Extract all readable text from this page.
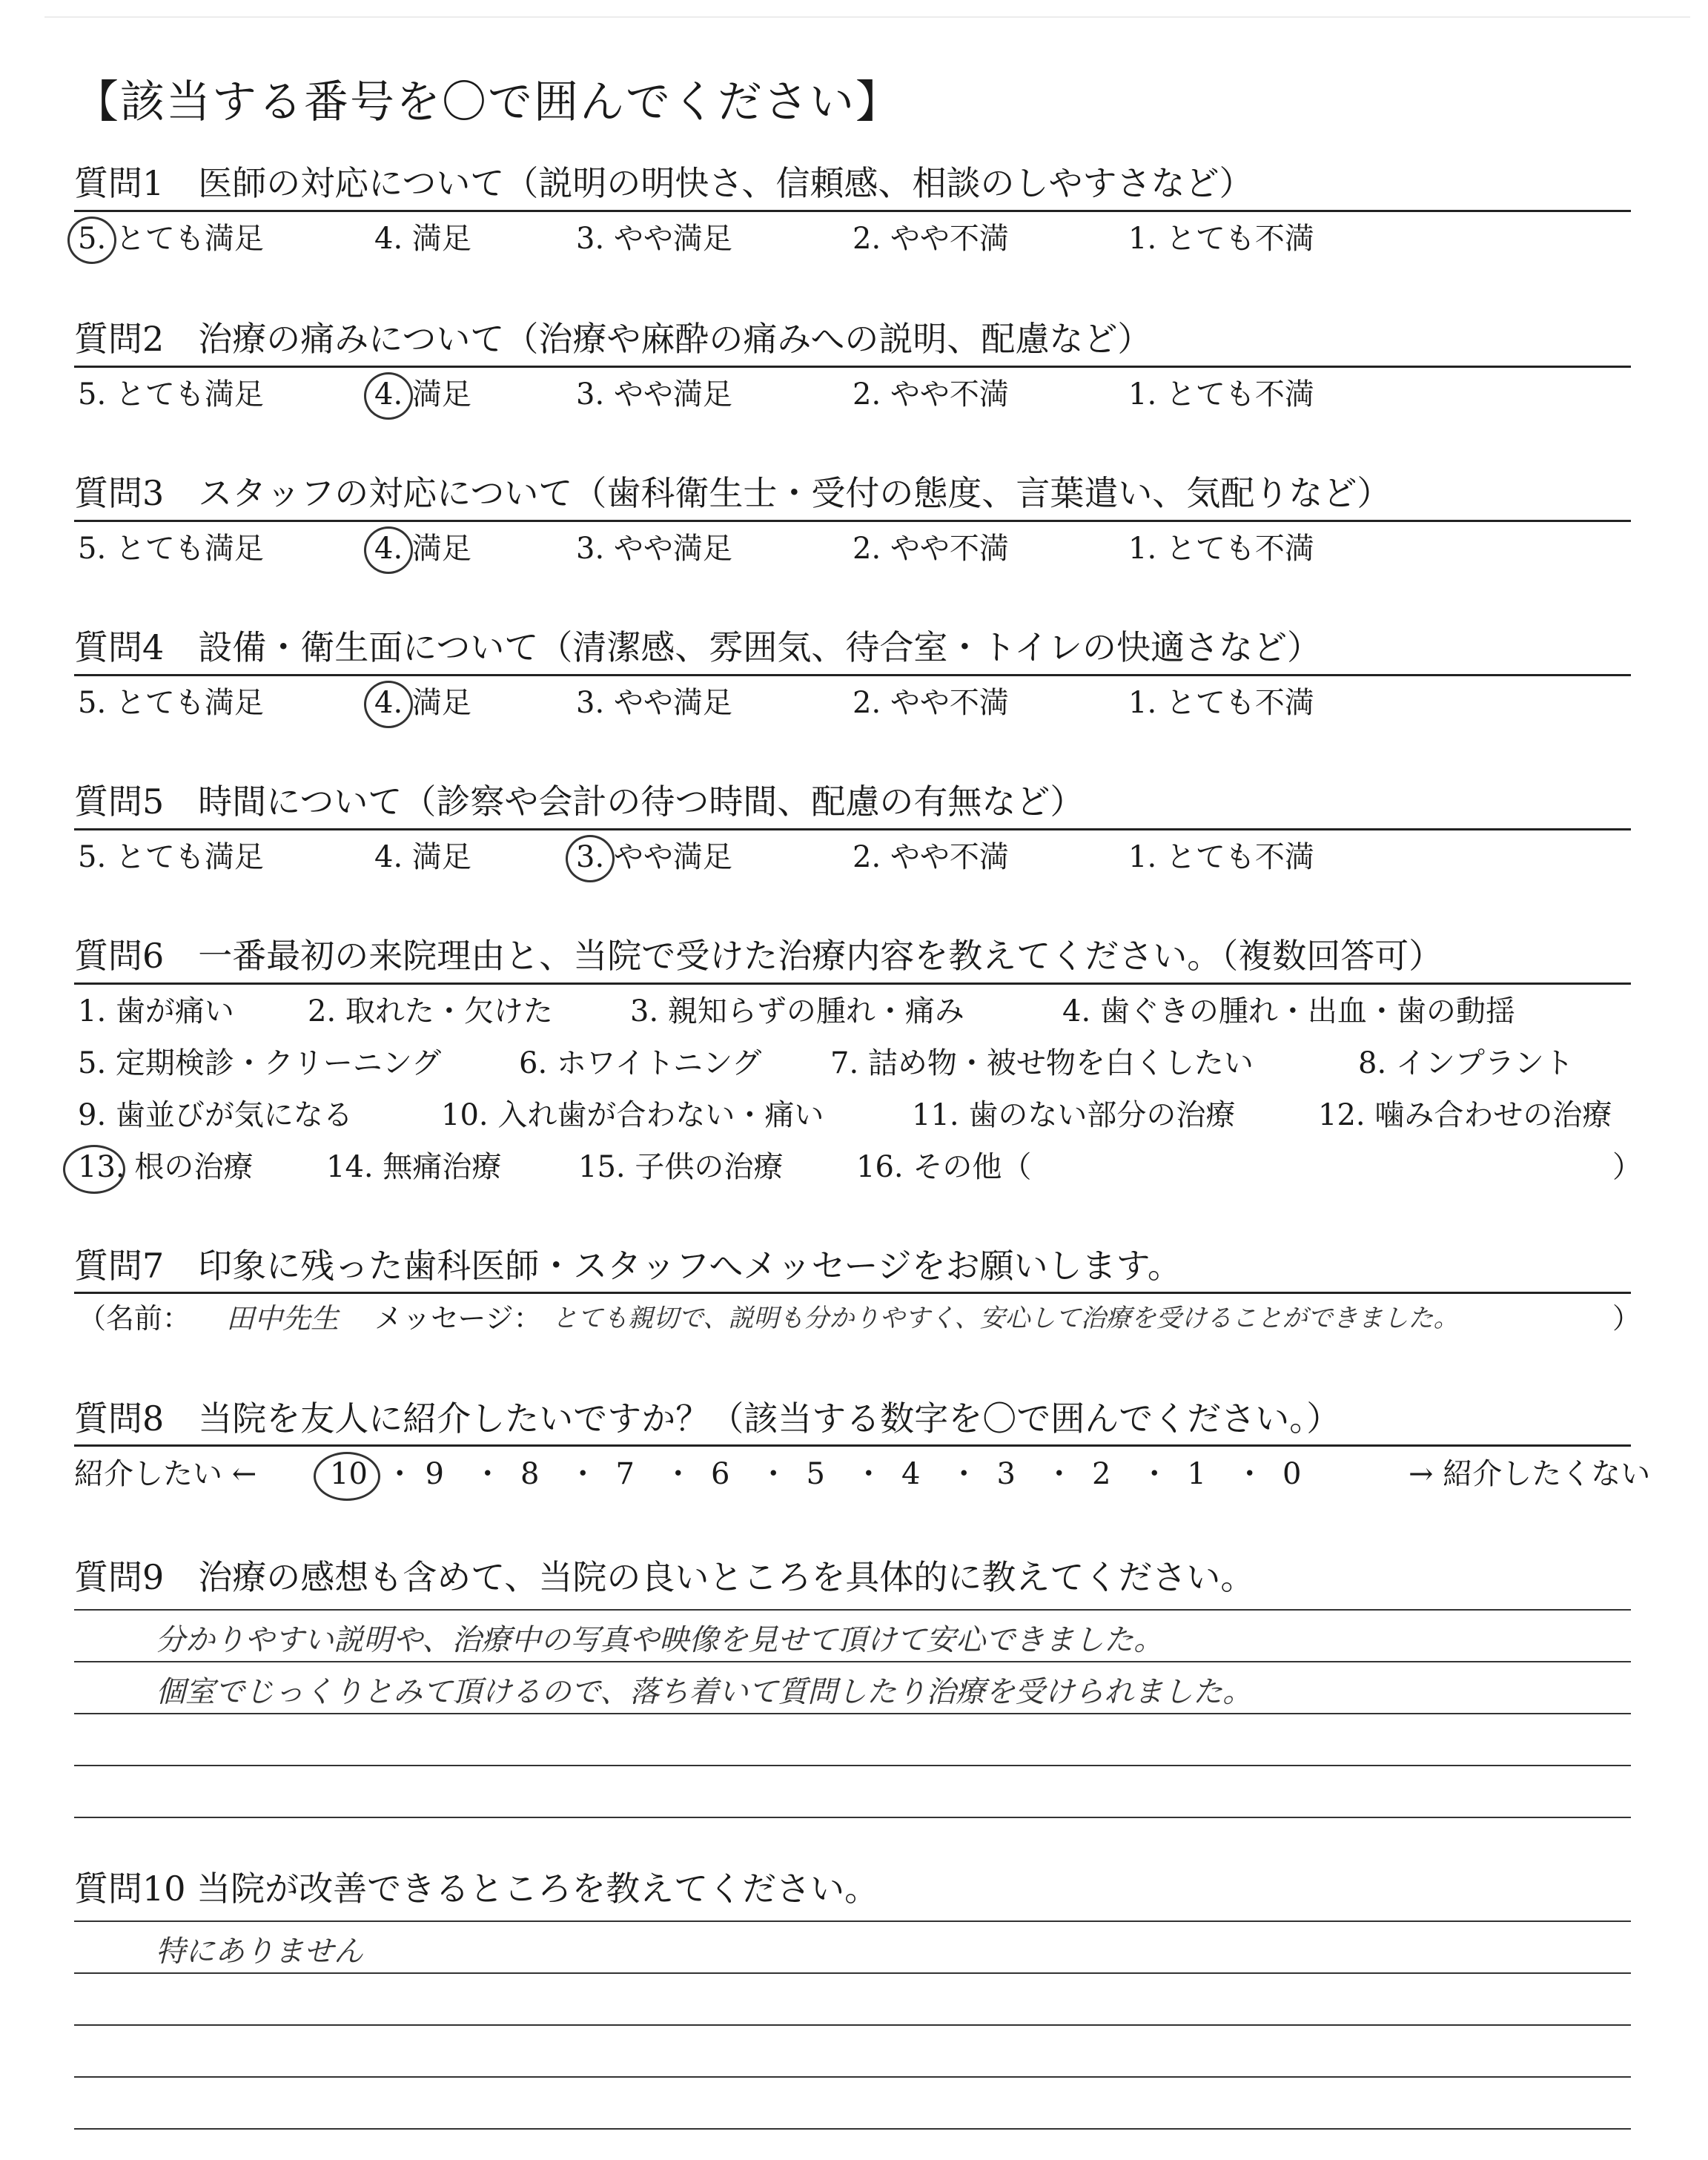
【該当する番号を〇で囲んでください】
質問1　医師の対応について（説明の明快さ、信頼感、相談のしやすさなど）
5. とても満足	4. 満足	3. やや満足	2. やや不満	1. とても不満
質問2　治療の痛みについて（治療や麻酔の痛みへの説明、配慮など）
5. とても満足	4. 満足	3. やや満足	2. やや不満	1. とても不満
質問3　スタッフの対応について（歯科衛生士・受付の態度、言葉遣い、気配りなど）
5. とても満足	4. 満足	3. やや満足	2. やや不満	1. とても不満
質問4　設備・衛生面について（清潔感、雰囲気、待合室・トイレの快適さなど）
5. とても満足	4. 満足	3. やや満足	2. やや不満	1. とても不満
質問5　時間について（診察や会計の待つ時間、配慮の有無など）
5. とても満足	4. 満足	3. やや満足	2. やや不満	1. とても不満
質問6　一番最初の来院理由と、当院で受けた治療内容を教えてください。（複数回答可）
1. 歯が痛い 2. 取れた・欠けた	3. 親知らずの腫れ・痛み	4. 歯ぐきの腫れ・出血・歯の動揺
5. 定期検診・クリーニング	6. ホワイトニング 7. 詰め物・被せ物を白くしたい	8. インプラント
9. 歯並びが気になる	10. 入れ歯が合わない・痛い	11. 歯のない部分の治療	12. 噛み合わせの治療
13. 根の治療 14. 無痛治療	15. 子供の治療 16. その他（	）
質問7　印象に残った歯科医師・スタッフへメッセージをお願いします。
（名前： 田中先生 メッセージ： とても親切で、説明も分かりやすく、安心して治療を受けることができました。	）
質問8　当院を友人に紹介したいですか？（該当する数字を〇で囲んでください。）
紹介したい ←	→ 紹介したくない
10 ・ 9 ・ 8 ・ 7 ・ 6 ・ 5 ・ 4 ・ 3 ・ 2 ・ 1 ・ 0
質問9　治療の感想も含めて、当院の良いところを具体的に教えてください。
分かりやすい説明や、治療中の写真や映像を見せて頂けて安心できました。
個室でじっくりとみて頂けるので、落ち着いて質問したり治療を受けられました。
質問10 当院が改善できるところを教えてください。
特にありません
